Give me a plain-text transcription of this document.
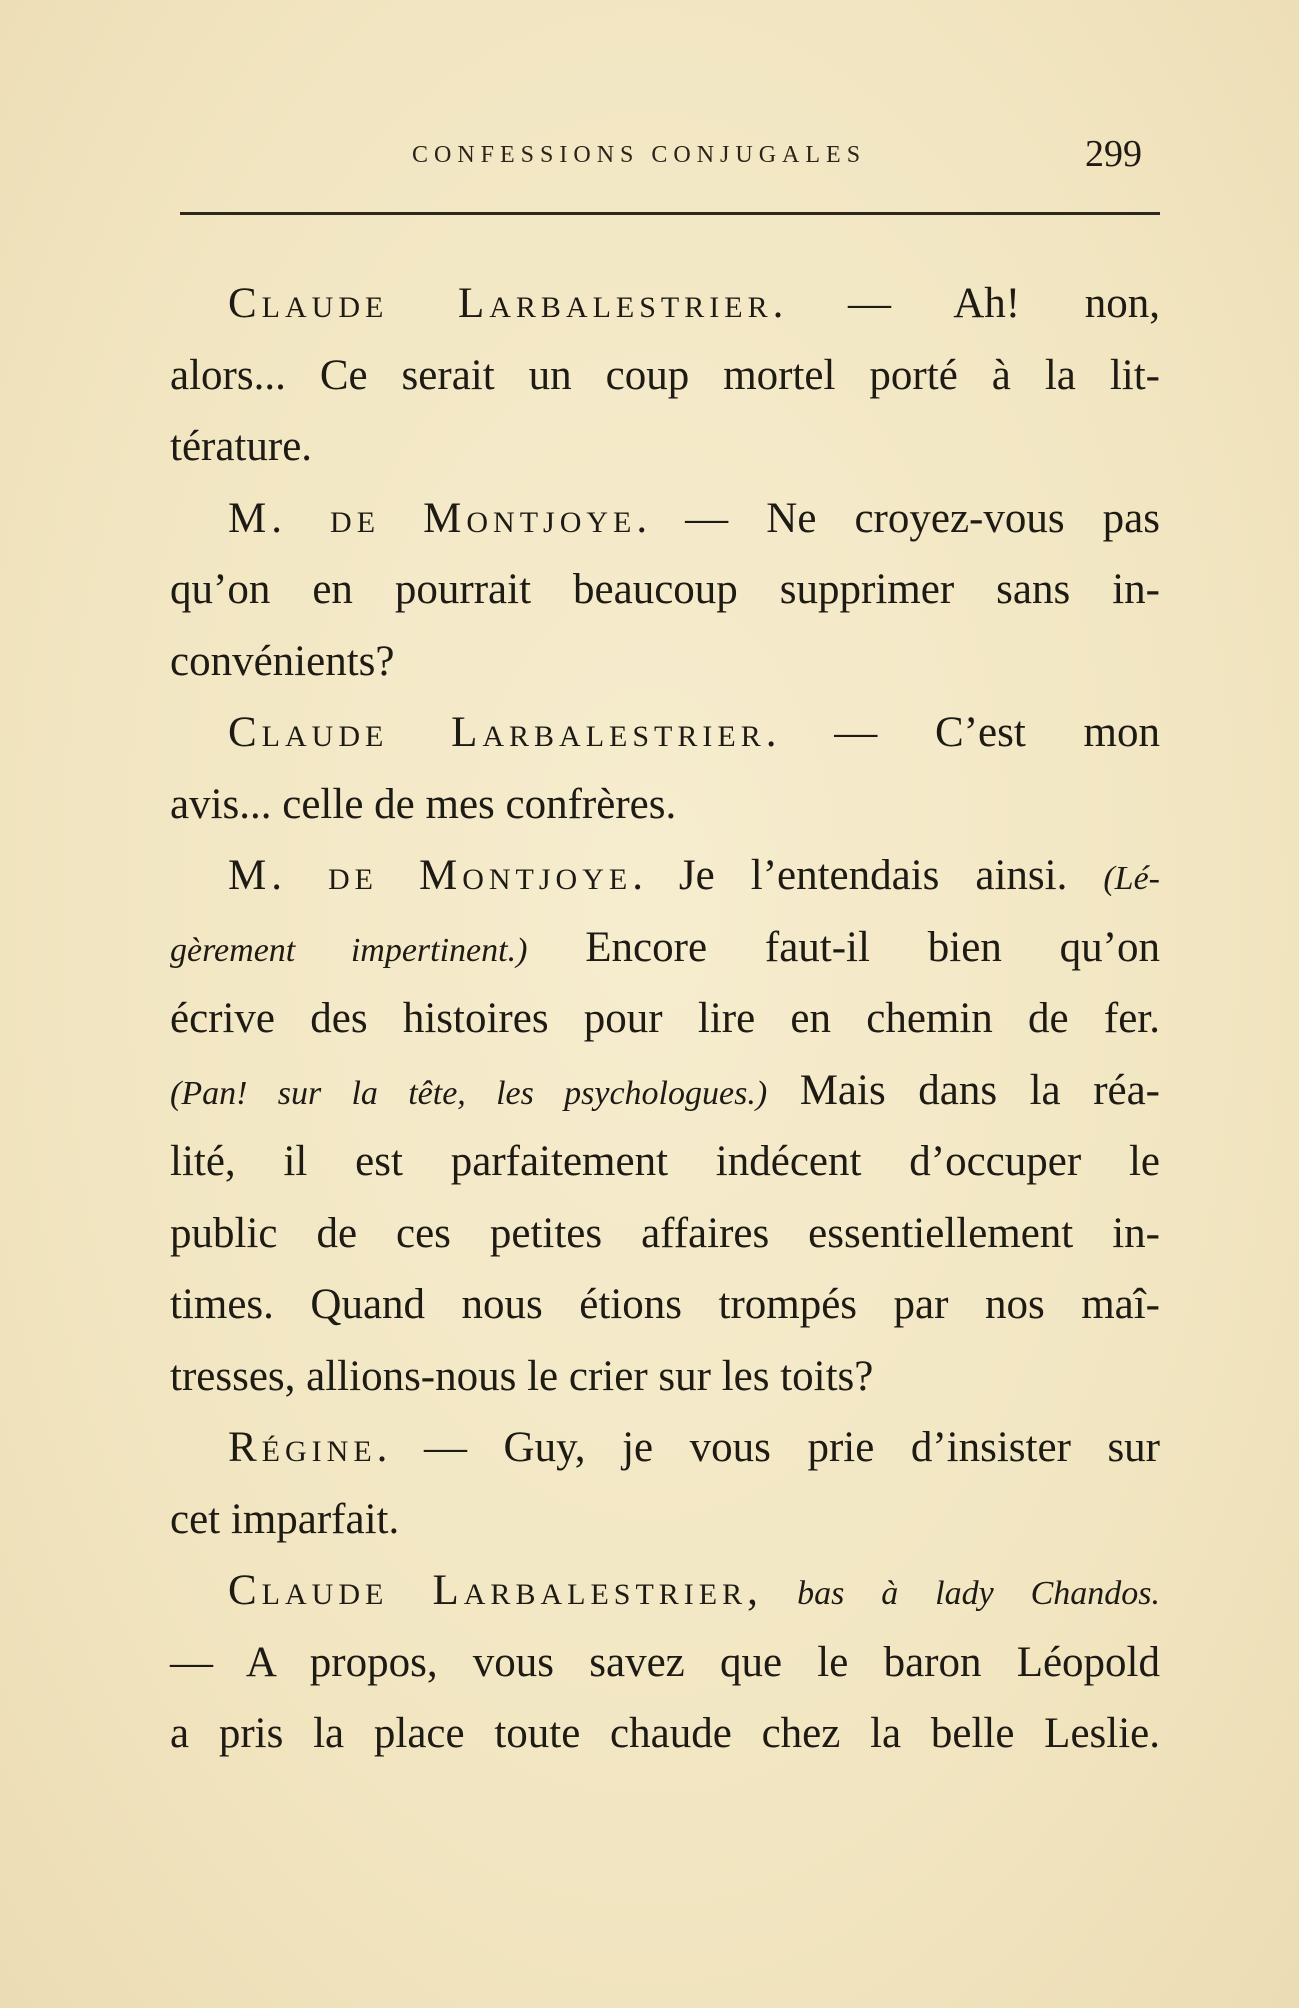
CONFESSIONS CONJUGALES	299
Claude Larbalestrier. — Ah! non,
alors... Ce serait un coup mortel porté à la lit-
térature.
M. de Montjoye. — Ne croyez-vous pas
qu’on en pourrait beaucoup supprimer sans in-
convénients?
Claude Larbalestrier. — C’est mon
avis... celle de mes confrères.
M. de Montjoye. Je l’entendais ainsi. (Lé-
gèrement impertinent.) Encore faut-il bien qu’on
écrive des histoires pour lire en chemin de fer.
(Pan! sur la tête, les psychologues.) Mais dans la réa-
lité, il est parfaitement indécent d’occuper le
public de ces petites affaires essentiellement in-
times. Quand nous étions trompés par nos maî-
tresses, allions-nous le crier sur les toits?
Régine. — Guy, je vous prie d’insister sur
cet imparfait.
Claude Larbalestrier, bas à lady Chandos.
— A propos, vous savez que le baron Léopold
a pris la place toute chaude chez la belle Leslie.
